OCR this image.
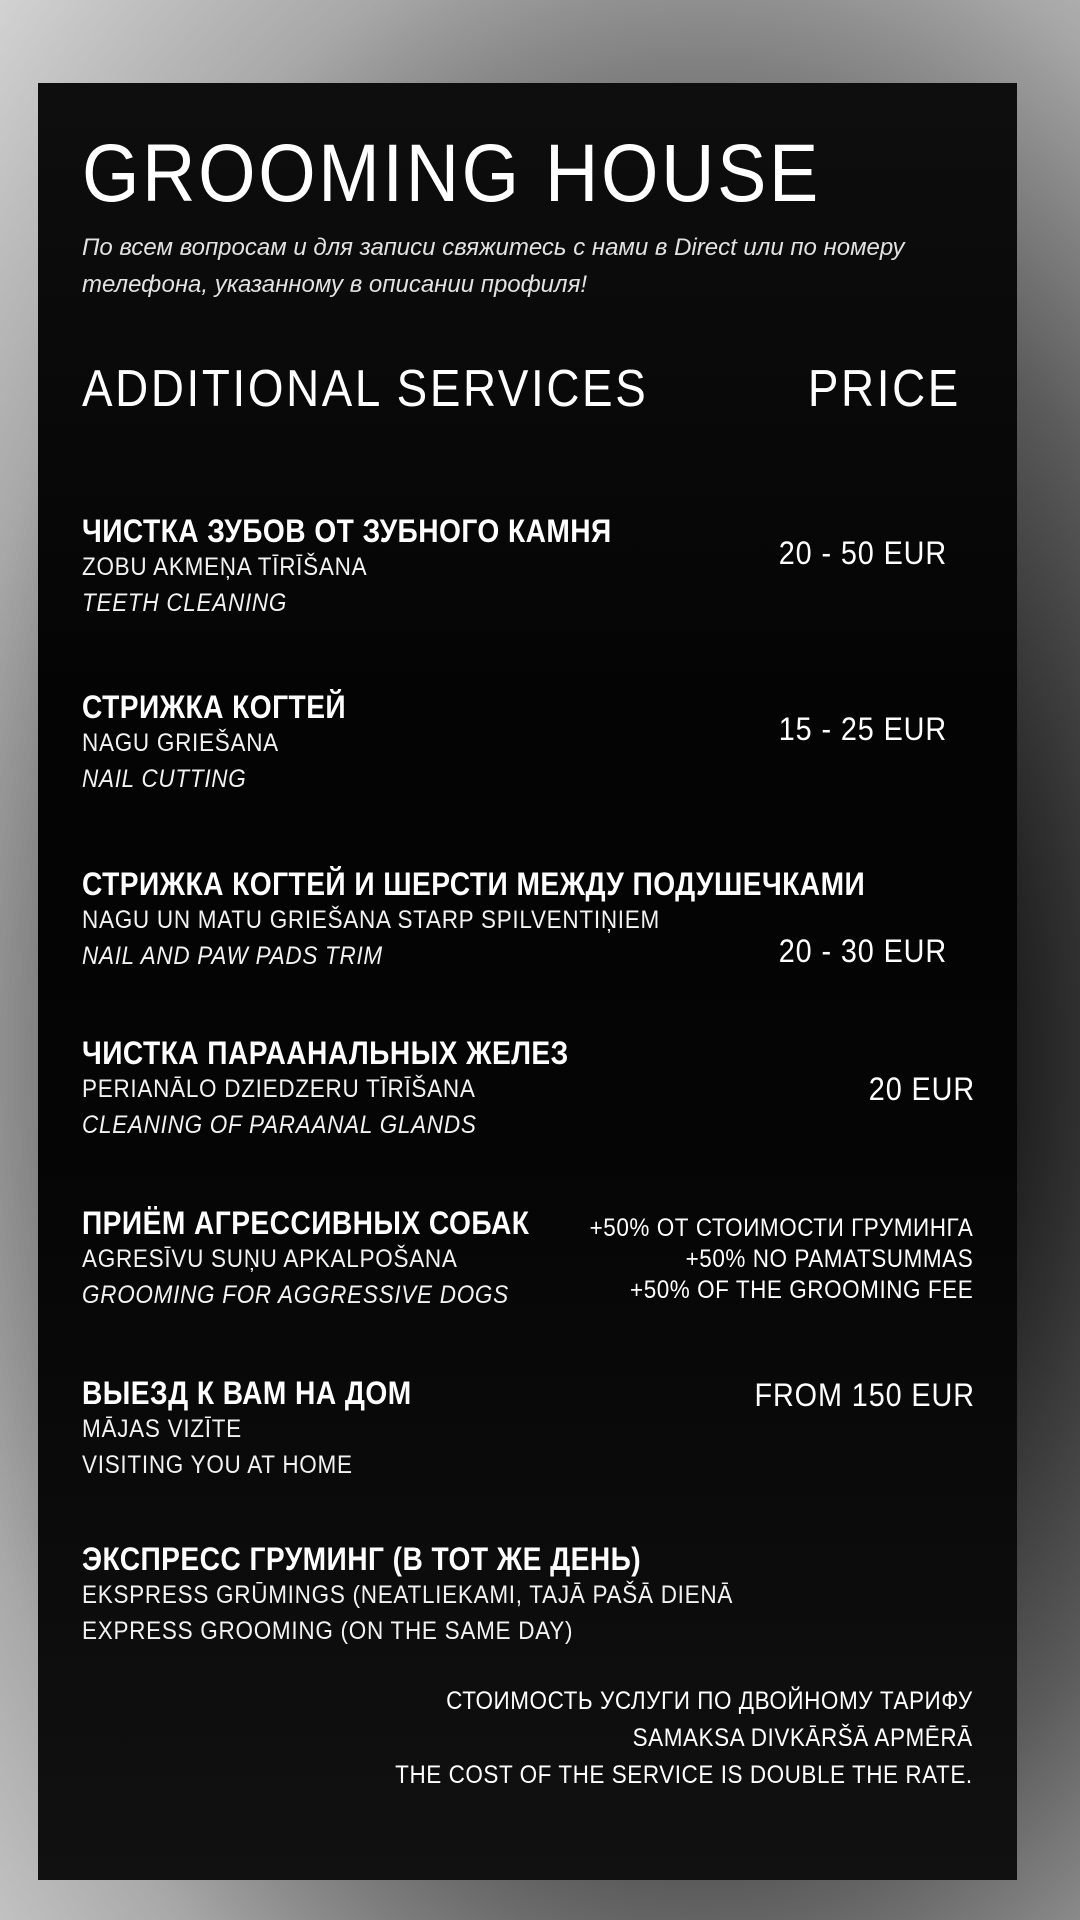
GROOMING HOUSE

По всем вопросам и для записи свяжитесь с нами в Direct или по номеру телефона, указанному в описании профиля!

ADDITIONAL SERVICES	PRICE
ЧИСТКА ЗУБОВ ОТ ЗУБНОГО КАМНЯ
ZOBU AKMEŅA TĪRĪŠANA
TEETH CLEANING
20 - 50 EUR
СТРИЖКА КОГТЕЙ
NAGU GRIEŠANA
NAIL CUTTING
15 - 25 EUR
СТРИЖКА КОГТЕЙ И ШЕРСТИ МЕЖДУ ПОДУШЕЧКАМИ
NAGU UN MATU GRIEŠANA STARP SPILVENTIŅIEM
NAIL AND PAW PADS TRIM	20 - 30 EUR
ЧИСТКА ПАРААНАЛЬНЫХ ЖЕЛЕЗ
PERIANĀLO DZIEDZERU TĪRĪŠANA
CLEANING OF PARAANAL GLANDS
20 EUR
ПРИЁМ АГРЕССИВНЫХ СОБАК
AGRESĪVU SUŅU APKALPOŠANA
GROOMING FOR AGGRESSIVE DOGS
+50% ОТ СТОИМОСТИ ГРУМИНГА
+50% NO PAMATSUMMAS
+50% OF THE GROOMING FEE
ВЫЕЗД К ВАМ НА ДОМ
MĀJAS VIZĪTE
VISITING YOU AT HOME
FROM 150 EUR
ЭКСПРЕСС ГРУМИНГ (В ТОТ ЖЕ ДЕНЬ)
EKSPRESS GRŪMINGS (NEATLIEKAMI, TAJĀ PAŠĀ DIENĀ
EXPRESS GROOMING (ON THE SAME DAY)
СТОИМОСТЬ УСЛУГИ ПО ДВОЙНОМУ ТАРИФУ
SAMAKSA DIVKĀRŠĀ APMĒRĀ
THE COST OF THE SERVICE IS DOUBLE THE RATE.
